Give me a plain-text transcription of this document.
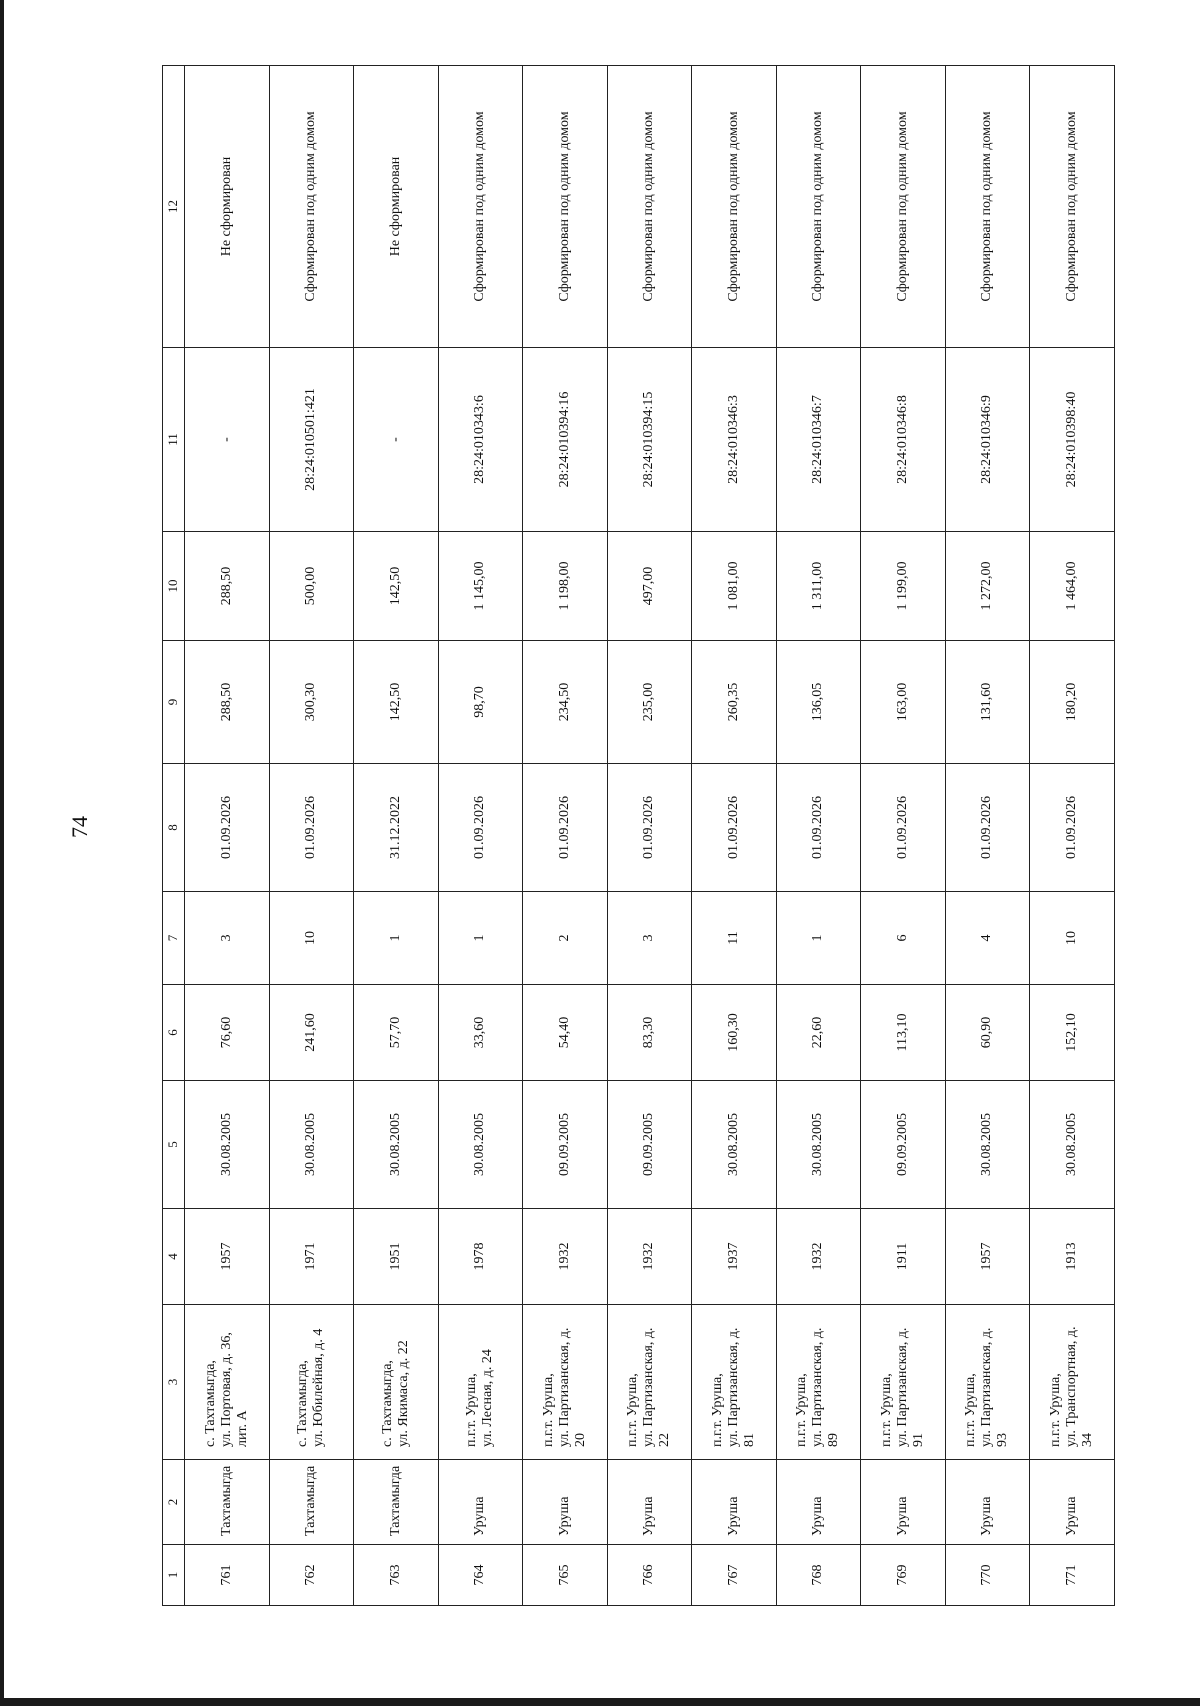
74
1	2	3	4	5	6	7	8	9	10	11	12
761	Тахтамыгда	с. Тахтамыгда,
ул. Портовая, д. 36,
лит. А	1957	30.08.2005	76,60	3	01.09.2026	288,50	288,50	-	Не сформирован
762	Тахтамыгда	с. Тахтамыгда,
ул. Юбилейная, д. 4	1971	30.08.2005	241,60	10	01.09.2026	300,30	500,00	28:24:010501:421	Сформирован под одним домом
763	Тахтамыгда	с. Тахтамыгда,
ул. Якимаса, д. 22	1951	30.08.2005	57,70	1	31.12.2022	142,50	142,50	-	Не сформирован
764	Уруша	п.г.т. Уруша,
ул. Лесная, д. 24	1978	30.08.2005	33,60	1	01.09.2026	98,70	1 145,00	28:24:010343:6	Сформирован под одним домом
765	Уруша	п.г.т. Уруша,
ул. Партизанская, д. 20	1932	09.09.2005	54,40	2	01.09.2026	234,50	1 198,00	28:24:010394:16	Сформирован под одним домом
766	Уруша	п.г.т. Уруша,
ул. Партизанская, д. 22	1932	09.09.2005	83,30	3	01.09.2026	235,00	497,00	28:24:010394:15	Сформирован под одним домом
767	Уруша	п.г.т. Уруша,
ул. Партизанская, д. 81	1937	30.08.2005	160,30	11	01.09.2026	260,35	1 081,00	28:24:010346:3	Сформирован под одним домом
768	Уруша	п.г.т. Уруша,
ул. Партизанская, д. 89	1932	30.08.2005	22,60	1	01.09.2026	136,05	1 311,00	28:24:010346:7	Сформирован под одним домом
769	Уруша	п.г.т. Уруша,
ул. Партизанская, д. 91	1911	09.09.2005	113,10	6	01.09.2026	163,00	1 199,00	28:24:010346:8	Сформирован под одним домом
770	Уруша	п.г.т. Уруша,
ул. Партизанская, д. 93	1957	30.08.2005	60,90	4	01.09.2026	131,60	1 272,00	28:24:010346:9	Сформирован под одним домом
771	Уруша	п.г.т. Уруша,
ул. Транспортная, д. 34	1913	30.08.2005	152,10	10	01.09.2026	180,20	1 464,00	28:24:010398:40	Сформирован под одним домом
